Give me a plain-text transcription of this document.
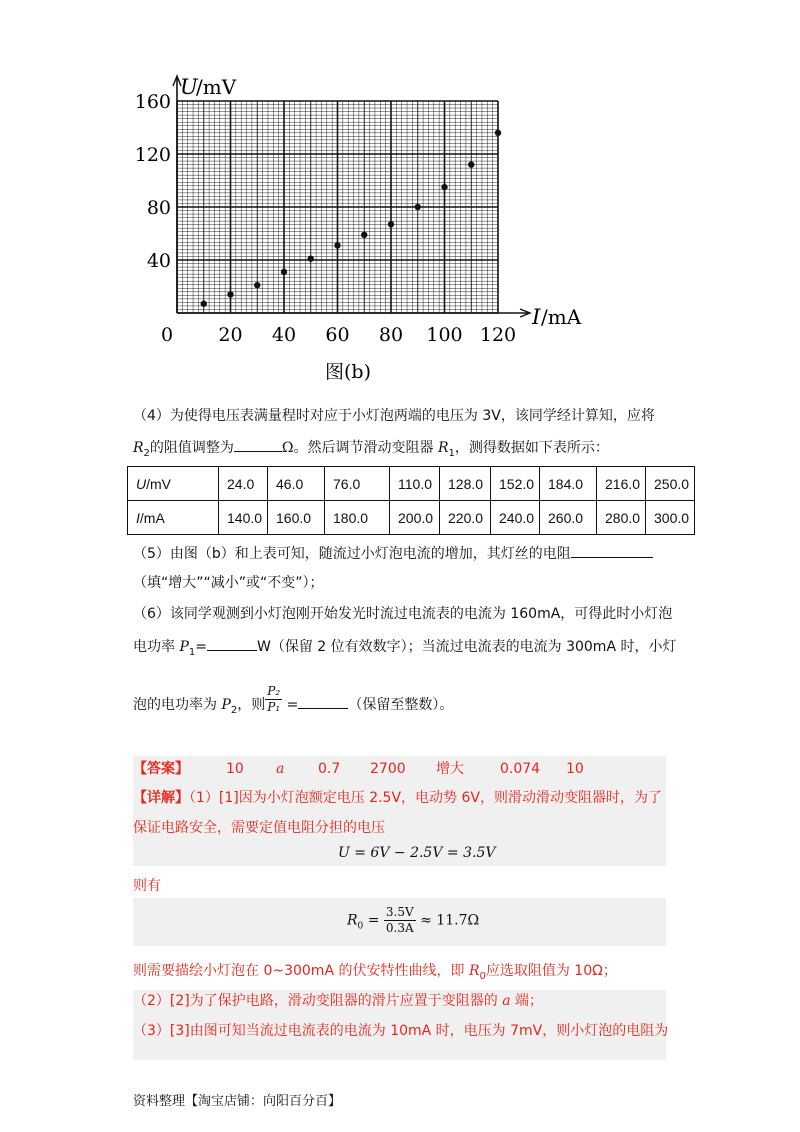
0 20 40 60 80 100 120
40
80
120
160
U
/mV
I /mA
图(b)
（4）为使得电压表满量程时对应于小灯泡两端的电压为 3V，该同学经计算知，应将
$R_2$的阻值调整为	Ω。然后调节滑动变阻器 $R_1$，测得数据如下表所示：
U/mV	24.0	46.0	76.0	110.0	128.0	152.0	184.0	216.0	250.0
I/mA	140.0	160.0	180.0	200.0	220.0	240.0	260.0	280.0	300.0
（5）由图（b）和上表可知，随流过小灯泡电流的增加，其灯丝的电阻
（填“增大”“减小”或“不变”）；
（6）该同学观测到小灯泡刚开始发光时流过电流表的电流为 160mA，可得此时小灯泡
电功率 $P_1=$	W（保留 2 位有效数字）；当流过电流表的电流为 300mA 时，小灯
泡的电功率为 $P_2$，则 $\frac{\text{P₂}}{\text{P₁}}$ =	（保留至整数）。
【答案】	10 a 0.7 2700 增大	0.074 10
【详解】（1）[1]因为小灯泡额定电压 2.5V，电动势 6V，则滑动滑动变阻器时，为了
保证电路安全，需要定值电阻分担的电压
U = 6V − 2.5V = 3.5V
则有
$R_0 = \frac{3.5V}{0.3A} \approx 11.7\Omega$
则需要描绘小灯泡在 0~300mA 的伏安特性曲线，即 $R_0$应选取阻值为 10Ω；
（2）[2]为了保护电路，滑动变阻器的滑片应置于变阻器的 a 端；
（3）[3]由图可知当流过电流表的电流为 10mA 时，电压为 7mV，则小灯泡的电阻为
资料整理【淘宝店铺：向阳百分百】
